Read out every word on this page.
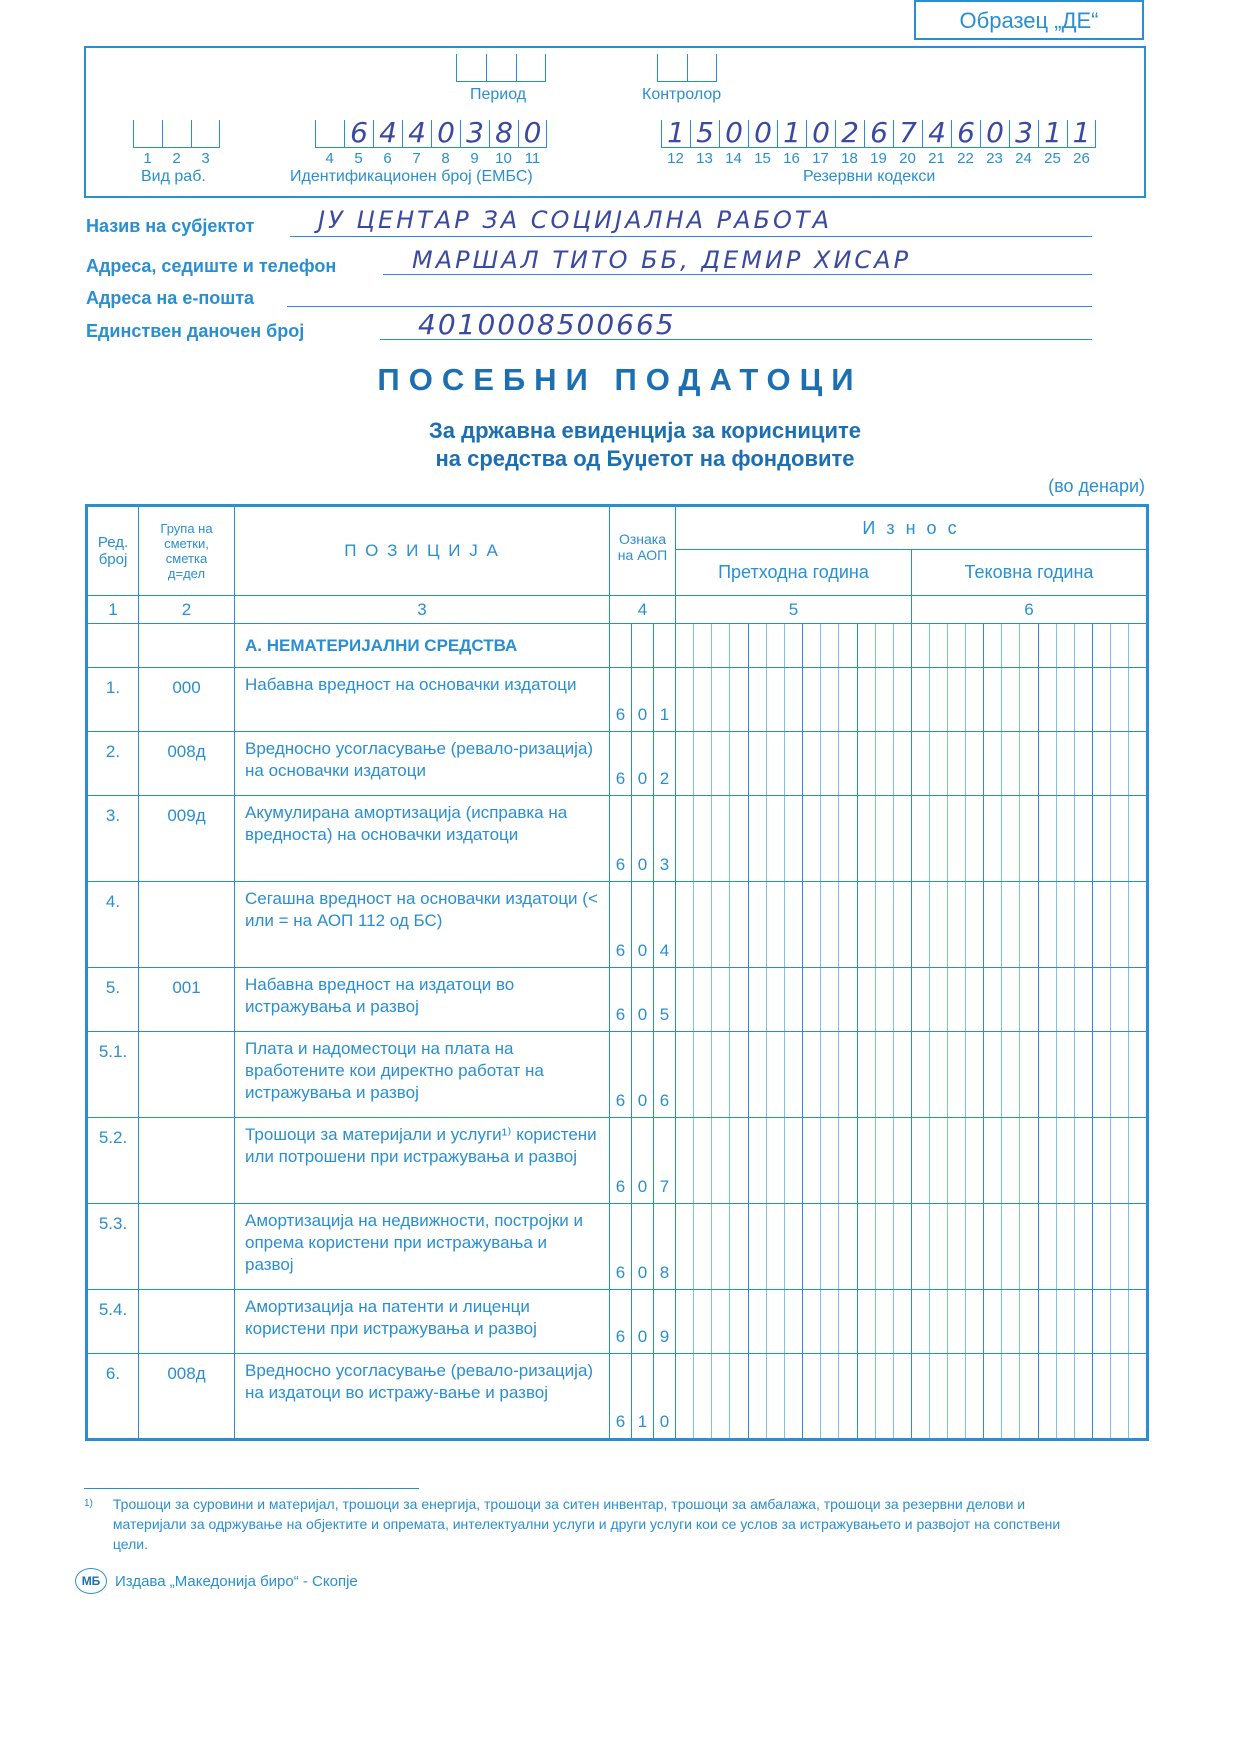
Образец „ДЕ“
Период	Контролор
1	2	3
Вид раб.
6 4 4 0 3 8 0
4	5	6	7	8	9	10 11
Идентификационен број (ЕМБС)
1 5 0 0 1 0 2 6 7 4 6 0 3 1 1
12 13 14 15 16 17 18 19 20 21 22 23 24 25 26
Резервни кодекси
Назив на субјектот	ЈУ ЦЕНТАР ЗА СОЦИЈАЛНА РАБОТА
Адреса, седиште и телефон	МАРШАЛ ТИТО ББ, ДЕМИР ХИСАР
Адреса на е-пошта
Единствен даночен број	4010008500665
ПОСЕБНИ ПОДАТОЦИ
За државна евиденција за корисниците
на средства од Буџетот на фондовите
(во денари)
Ред. број	Група на сметки, сметка д=дел	П О З И Ц И Ј А	Ознака на АОП	И з н о с	
				Претходна година	Тековна година
1	2	3	4	5	6
		А. НЕМАТЕРИЈАЛНИ СРЕДСТВА	

1.	000	Набавна вредност на основачки издатоци	6 0 1		

2.	008д	Вредносно усогласување (ревало-ризација) на основачки издатоци	6 0 2		

3.	009д	Акумулирана амортизација (исправка на вредноста) на основачки издатоци	6 0 3		

4.		Сегашна вредност на основачки издатоци (< или = на АОП 112 од БС)	6 0 4		

5.	001	Набавна вредност на издатоци во истражувања и развој	6 0 5		

5.1.		Плата и надоместоци на плата на вработените кои директно работат на истражувања и развој	6 0 6		

5.2.		Трошоци за материјали и услуги¹⁾ користени или потрошени при истражувања и развој	6 0 7		

5.3.		Амортизација на недвижности, постројки и опрема користени при истражувања и развој	6 0 8		

5.4.		Амортизација на патенти и лиценци користени при истражувања и развој	6 0 9		

6.	008д	Вредносно усогласување (ревало-ризација) на издатоци во истражу-вање и развој	6 1 0		

1) Трошоци за суровини и материјал, трошоци за енергија, трошоци за ситен инвентар, трошоци за амбалажа, трошоци за резервни делови и материјали за одржување на објектите и опремата, интелектуални услуги и други услуги кои се услов за истражувањето и развојот на сопствени цели.
МБ Издава „Македонија биро“ - Скопје
